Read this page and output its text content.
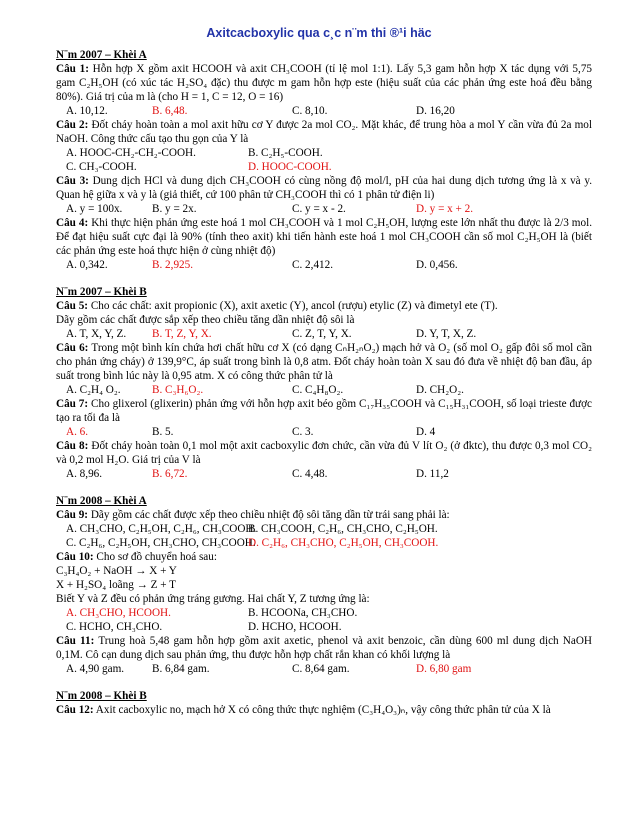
Axitcacboxylic qua c¸c n¨m thi ®¹i häc
N¨m 2007 – Khèi A
Câu 1: Hỗn hợp X gồm axit HCOOH và axit CH₃COOH (tỉ lệ mol 1:1). Lấy 5,3 gam hỗn hợp X tác dụng với 5,75 gam C₂H₅OH (có xúc tác H₂SO₄ đặc) thu được m gam hỗn hợp este (hiệu suất của các phản ứng este hoá đều bằng 80%). Giá trị của m là (cho H = 1, C = 12, O = 16)
A. 10,12.	B. 6,48.	C. 8,10.	D. 16,20
Câu 2: Đốt cháy hoàn toàn a mol axit hữu cơ Y được 2a mol CO₂. Mặt khác, để trung hòa a mol Y cần vừa đủ 2a mol NaOH. Công thức cấu tạo thu gọn của Y là
A. HOOC-CH₂-CH₂-COOH.	B. C₂H₅-COOH.
C. CH₃-COOH.	D. HOOC-COOH.
Câu 3: Dung dịch HCl và dung dịch CH₃COOH có cùng nồng độ mol/l, pH của hai dung dịch tương ứng là x và y. Quan hệ giữa x và y là (giả thiết, cứ 100 phân tử CH₃COOH thì có 1 phân tử điện li)
A. y = 100x.	B. y = 2x.	C. y = x - 2.	D. y = x + 2.
Câu 4: Khi thực hiện phản ứng este hoá 1 mol CH₃COOH và 1 mol C₂H₅OH, lượng este lớn nhất thu được là 2/3 mol. Để đạt hiệu suất cực đại là 90% (tính theo axit) khi tiến hành este hoá 1 mol CH₃COOH cần số mol C₂H₅OH là (biết các phản ứng este hoá thực hiện ở cùng nhiệt độ)
A. 0,342.	B. 2,925.	C. 2,412.	D. 0,456.
N¨m 2007 – Khèi B
Câu 5: Cho các chất: axit propionic (X), axit axetic (Y), ancol (rượu) etylic (Z) và đimetyl ete (T).
Dãy gồm các chất được sắp xếp theo chiều tăng dần nhiệt độ sôi là
A. T, X, Y, Z. B. T, Z, Y, X.	C. Z, T, Y, X.	D. Y, T, X, Z.
Câu 6: Trong một bình kín chứa hơi chất hữu cơ X (có dạng CₙH₂ₙO₂) mạch hở và O₂ (số mol O₂ gấp đôi số mol cần cho phản ứng cháy) ở 139,9°C, áp suất trong bình là 0,8 atm. Đốt cháy hoàn toàn X sau đó đưa về nhiệt độ ban đầu, áp suất trong bình lúc này là 0,95 atm. X có công thức phân tử là
A. C₂H₄ O₂.	B. C₃H₆O₂.	C. C₄H₈O₂.	D. CH₂O₂.
Câu 7: Cho glixerol (glixerin) phản ứng với hỗn hợp axit béo gồm C₁₇H₃₅COOH và C₁₅H₃₁COOH, số loại trieste được tạo ra tối đa là
A. 6.	B. 5.	C. 3.	D. 4
Câu 8: Đốt cháy hoàn toàn 0,1 mol một axit cacboxylic đơn chức, cần vừa đủ V lít O₂ (ở đktc), thu được 0,3 mol CO₂ và 0,2 mol H₂O. Giá trị của V là
A. 8,96.	B. 6,72.	C. 4,48.	D. 11,2
N¨m 2008 – Khèi A
Câu 9: Dãy gồm các chất được xếp theo chiều nhiệt độ sôi tăng dần từ trái sang phải là:
A. CH₃CHO, C₂H₅OH, C₂H₆, CH₃COOH.
B. CH₃COOH, C₂H₆, CH₃CHO, C₂H₅OH.
C. C₂H₆, C₂H₅OH, CH₃CHO, CH₃COOH.
D. C₂H₆, CH₃CHO, C₂H₅OH, CH₃COOH.
Câu 10: Cho sơ đồ chuyển hoá sau:
C₃H₄O₂ + NaOH → X + Y
X + H₂SO₄ loãng → Z + T
Biết Y và Z đều có phản ứng tráng gương. Hai chất Y, Z tương ứng là:
A. CH₃CHO, HCOOH.	B. HCOONa, CH₃CHO.
C. HCHO, CH₃CHO.	D. HCHO, HCOOH.
Câu 11: Trung hoà 5,48 gam hỗn hợp gồm axit axetic, phenol và axit benzoic, cần dùng 600 ml dung dịch NaOH 0,1M. Cô cạn dung dịch sau phản ứng, thu được hỗn hợp chất rắn khan có khối lượng là
A. 4,90 gam. B. 6,84 gam.	C. 8,64 gam.	D. 6,80 gam
N¨m 2008 – Khèi B
Câu 12: Axit cacboxylic no, mạch hở X có công thức thực nghiệm (C₃H₄O₃)ₙ, vậy công thức phân tử của X là
